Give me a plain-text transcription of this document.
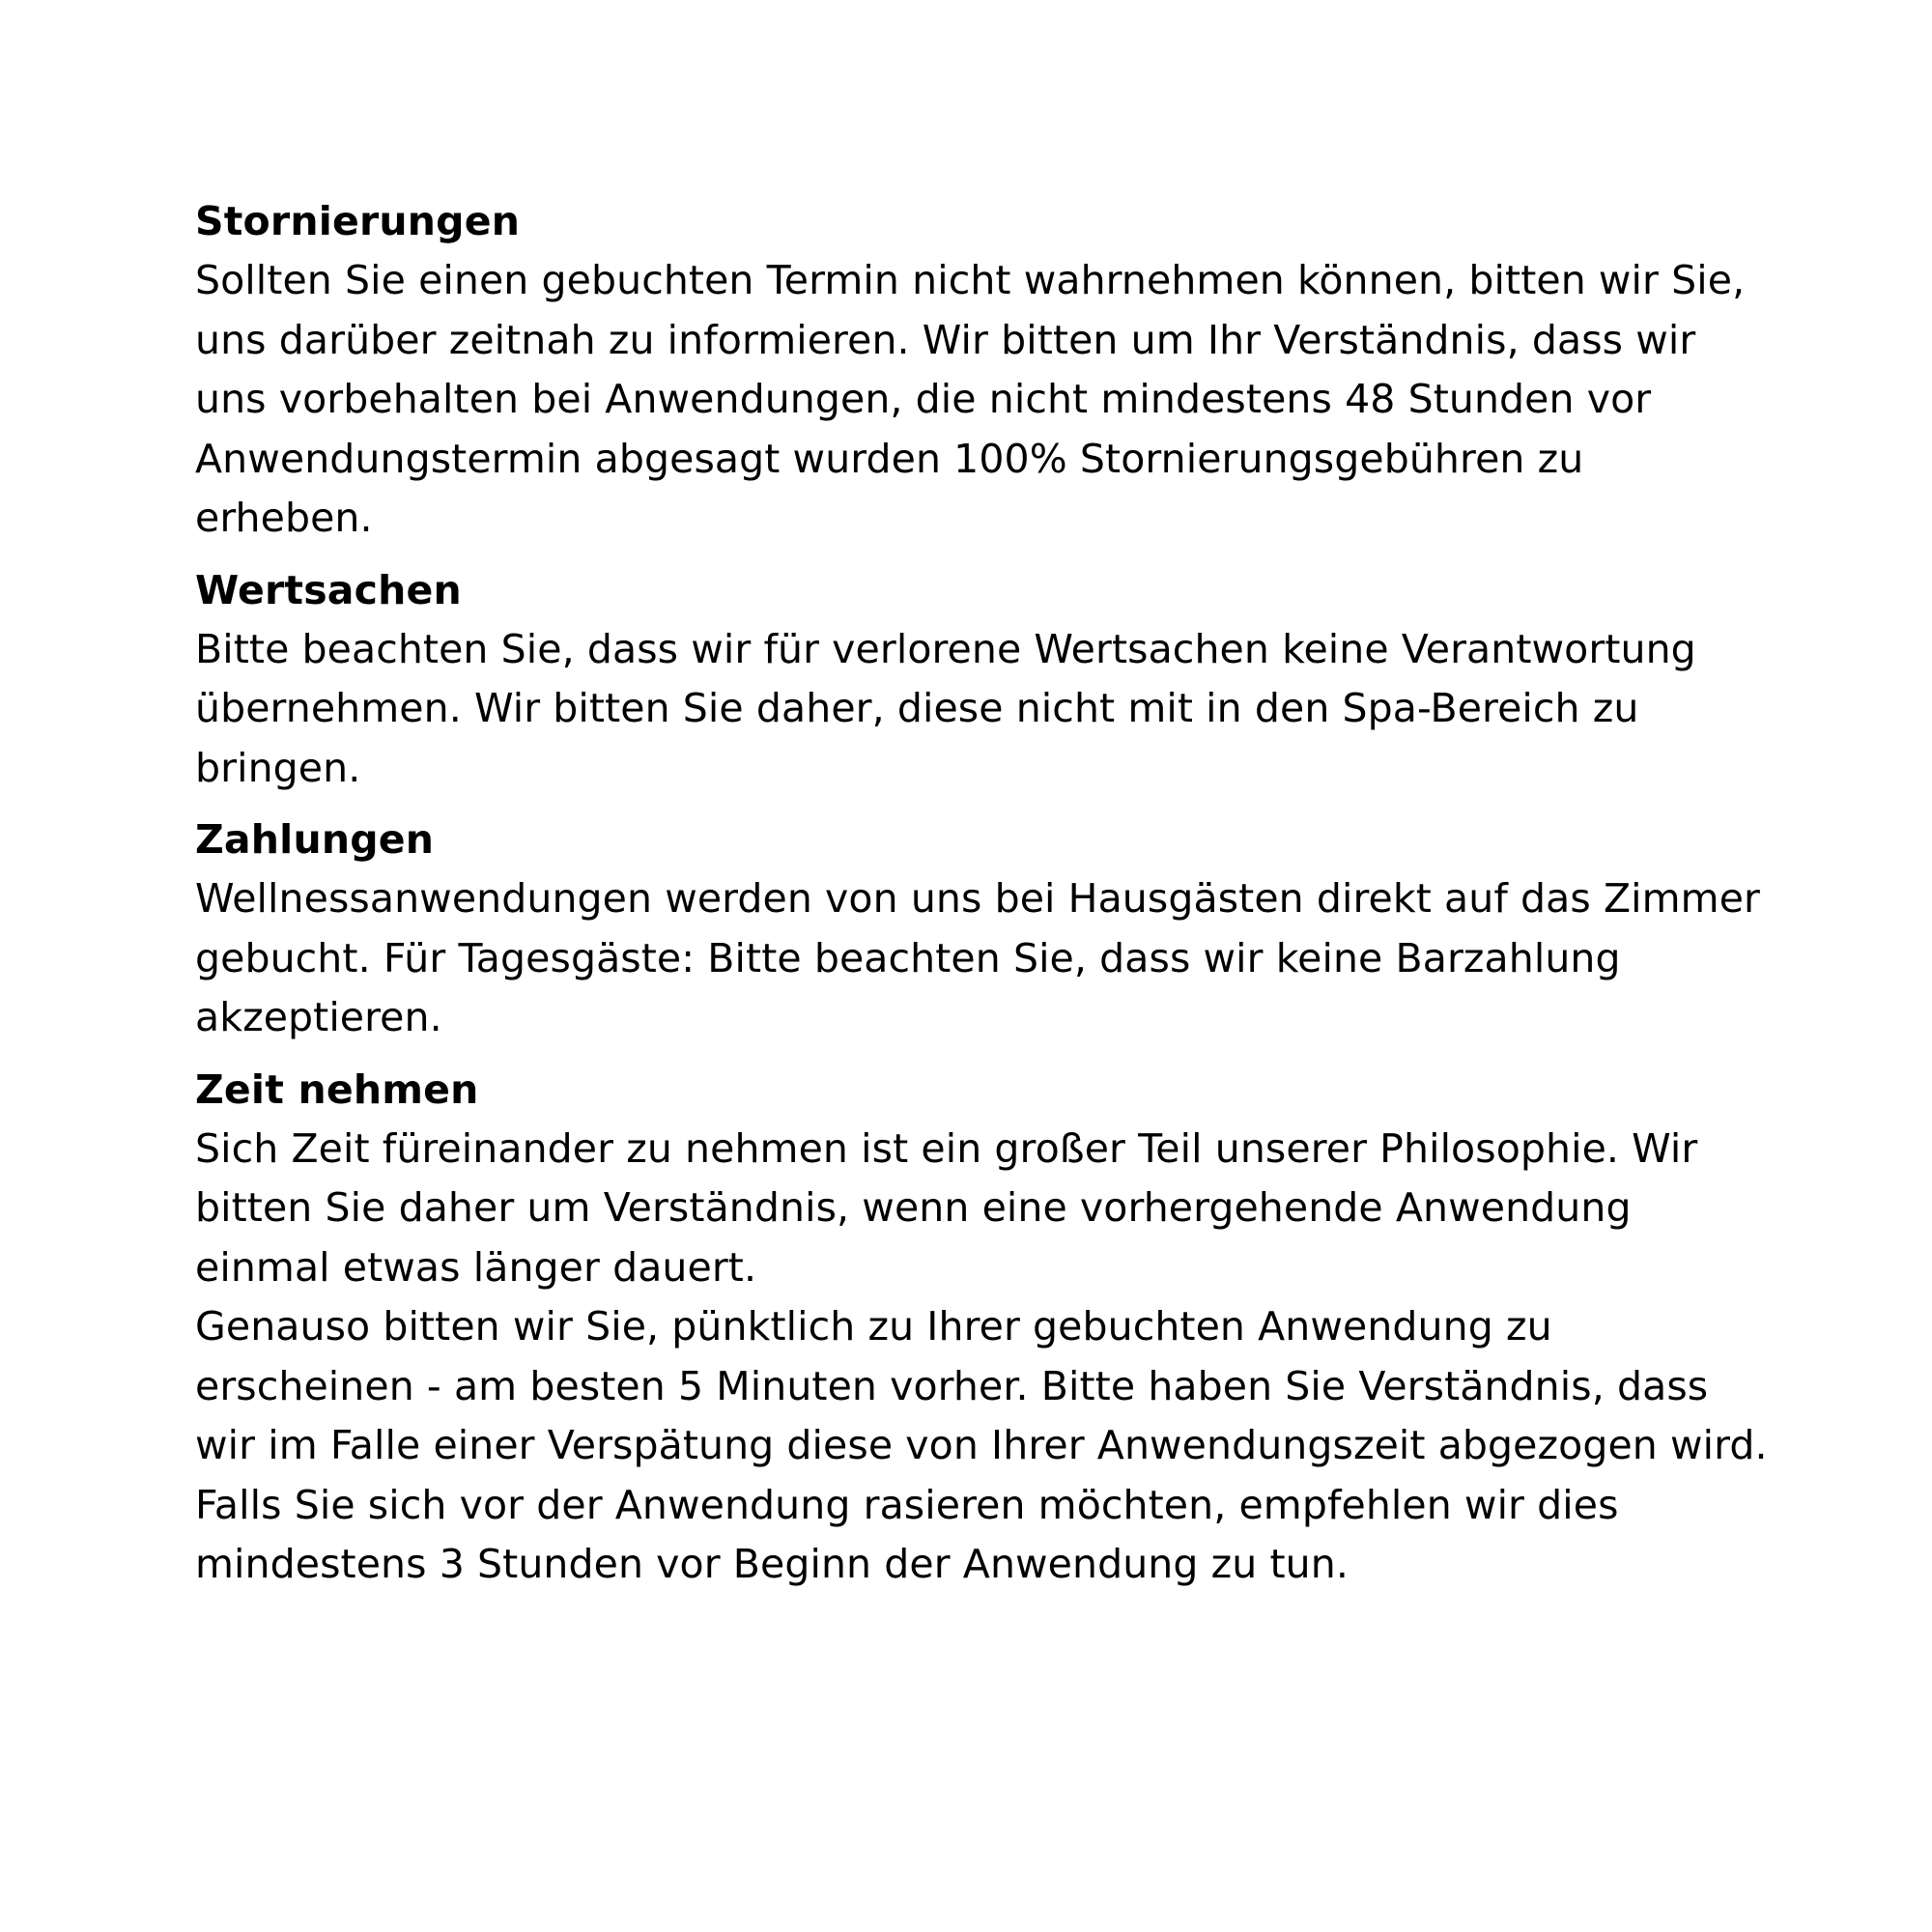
Stornierungen
Sollten Sie einen gebuchten Termin nicht wahrnehmen können, bitten wir Sie,
uns darüber zeitnah zu informieren. Wir bitten um Ihr Verständnis, dass wir
uns vorbehalten bei Anwendungen, die nicht mindestens 48 Stunden vor
Anwendungstermin abgesagt wurden 100% Stornierungsgebühren zu
erheben.
Wertsachen
Bitte beachten Sie, dass wir für verlorene Wertsachen keine Verantwortung
übernehmen. Wir bitten Sie daher, diese nicht mit in den Spa-Bereich zu
bringen.
Zahlungen
Wellnessanwendungen werden von uns bei Hausgästen direkt auf das Zimmer
gebucht. Für Tagesgäste: Bitte beachten Sie, dass wir keine Barzahlung
akzeptieren.
Zeit nehmen
Sich Zeit füreinander zu nehmen ist ein großer Teil unserer Philosophie. Wir
bitten Sie daher um Verständnis, wenn eine vorhergehende Anwendung
einmal etwas länger dauert.
Genauso bitten wir Sie, pünktlich zu Ihrer gebuchten Anwendung zu
erscheinen - am besten 5 Minuten vorher. Bitte haben Sie Verständnis, dass
wir im Falle einer Verspätung diese von Ihrer Anwendungszeit abgezogen wird.
Falls Sie sich vor der Anwendung rasieren möchten, empfehlen wir dies
mindestens 3 Stunden vor Beginn der Anwendung zu tun.
